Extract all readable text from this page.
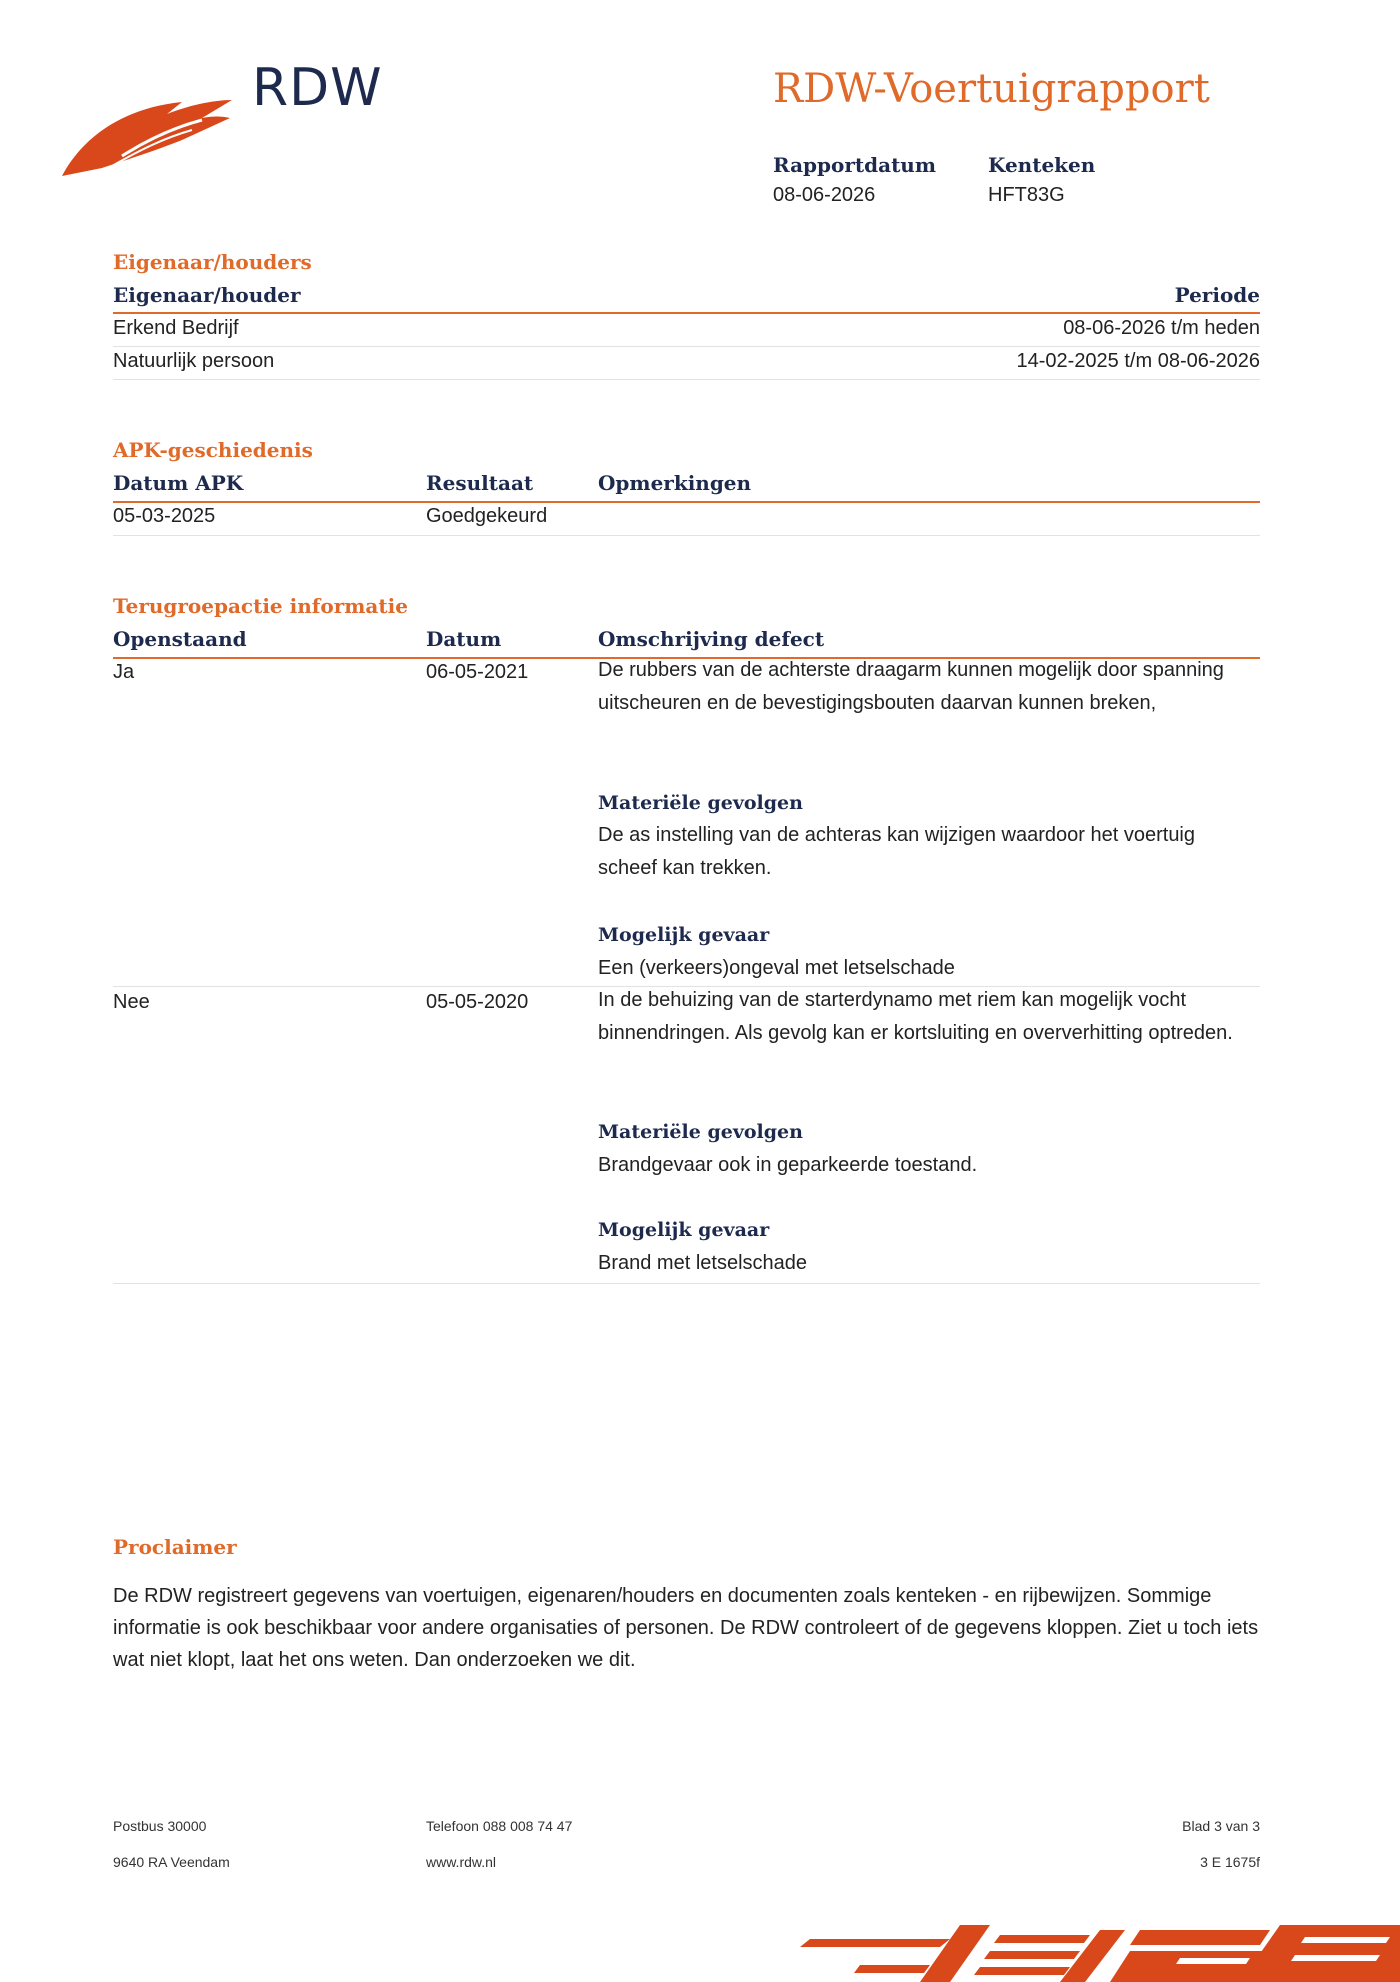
RDW	RDW-Voertuigrapport
Rapportdatum
08-06-2026
Kenteken
HFT83G
Eigenaar/houders
Eigenaar/houder	Periode
Erkend Bedrijf	08-06-2026 t/m heden
Natuurlijk persoon	14-02-2025 t/m 08-06-2026
APK-geschiedenis
Datum APK	Resultaat	Opmerkingen
05-03-2025	Goedgekeurd
Terugroepactie informatie
Openstaand	Datum	Omschrijving defect
Ja	06-05-2021	De rubbers van de achterste draagarm kunnen mogelijk door spanning uitscheuren en de bevestigingsbouten daarvan kunnen breken,
Materiële gevolgen
De as instelling van de achteras kan wijzigen waardoor het voertuig scheef kan trekken.
Mogelijk gevaar
Een (verkeers)ongeval met letselschade
Nee	05-05-2020	In de behuizing van de starterdynamo met riem kan mogelijk vocht binnendringen. Als gevolg kan er kortsluiting en oververhitting optreden.
Materiële gevolgen
Brandgevaar ook in geparkeerde toestand.
Mogelijk gevaar
Brand met letselschade
Proclaimer
De RDW registreert gegevens van voertuigen, eigenaren/houders en documenten zoals kenteken - en rijbewijzen. Sommige informatie is ook beschikbaar voor andere organisaties of personen. De RDW controleert of de gegevens kloppen. Ziet u toch iets wat niet klopt, laat het ons weten. Dan onderzoeken we dit.
Postbus 30000
9640 RA Veendam
Telefoon 088 008 74 47
www.rdw.nl
Blad 3 van 3
3 E 1675f
